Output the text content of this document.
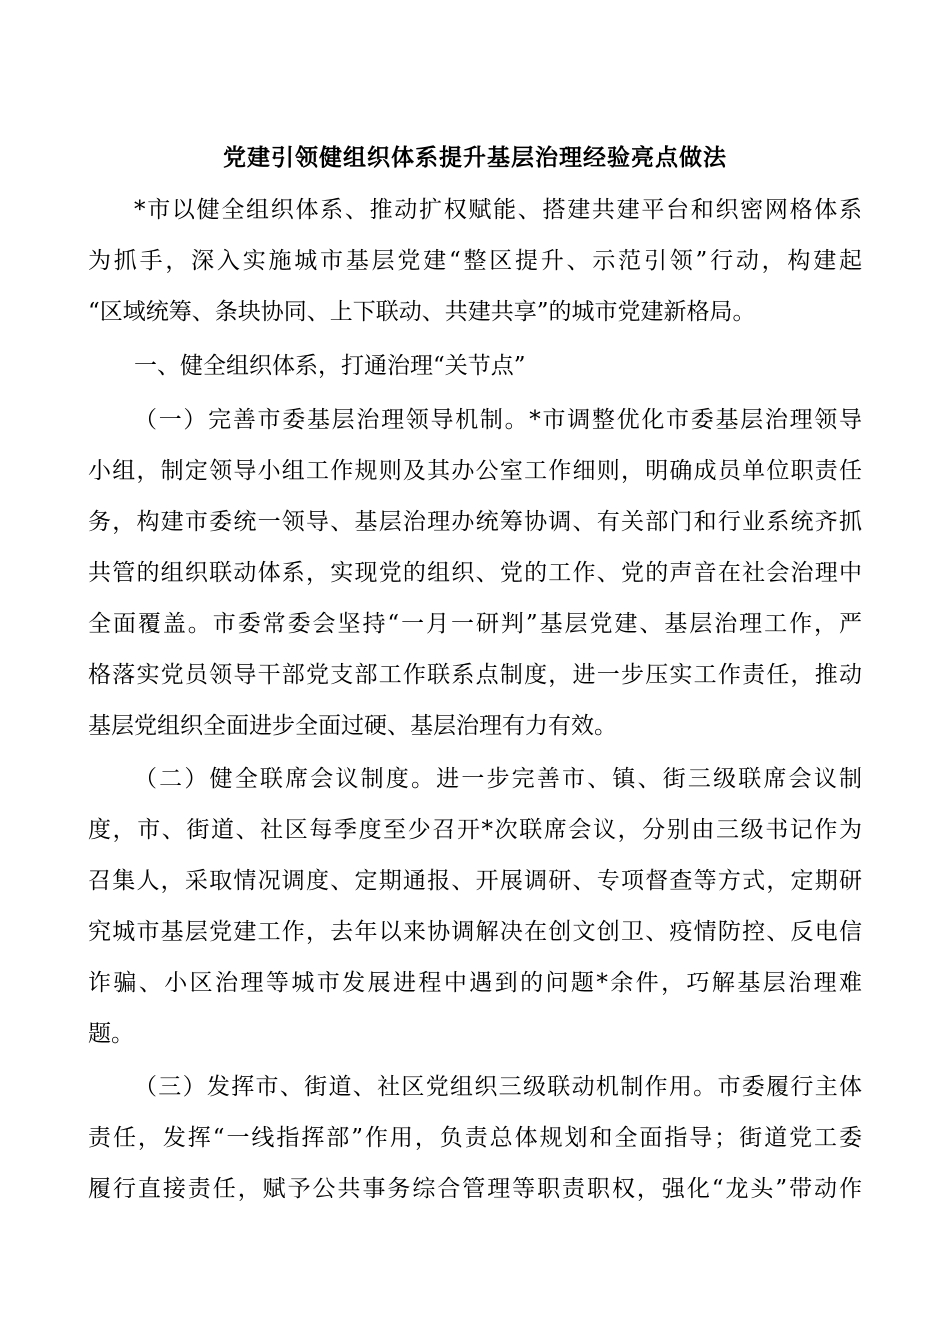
党建引领健组织体系提升基层治理经验亮点做法
*市以健全组织体系、推动扩权赋能、搭建共建平台和织密网格体系
为抓手，深入实施城市基层党建“整区提升、示范引领”行动，构建起
“区域统筹、条块协同、上下联动、共建共享”的城市党建新格局。
一、健全组织体系，打通治理“关节点”
（一）完善市委基层治理领导机制。*市调整优化市委基层治理领导
小组，制定领导小组工作规则及其办公室工作细则，明确成员单位职责任
务，构建市委统一领导、基层治理办统筹协调、有关部门和行业系统齐抓
共管的组织联动体系，实现党的组织、党的工作、党的声音在社会治理中
全面覆盖。市委常委会坚持“一月一研判”基层党建、基层治理工作，严
格落实党员领导干部党支部工作联系点制度，进一步压实工作责任，推动
基层党组织全面进步全面过硬、基层治理有力有效。
（二）健全联席会议制度。进一步完善市、镇、街三级联席会议制
度，市、街道、社区每季度至少召开*次联席会议，分别由三级书记作为
召集人，采取情况调度、定期通报、开展调研、专项督查等方式，定期研
究城市基层党建工作，去年以来协调解决在创文创卫、疫情防控、反电信
诈骗、小区治理等城市发展进程中遇到的问题*余件，巧解基层治理难
题。
（三）发挥市、街道、社区党组织三级联动机制作用。市委履行主体
责任，发挥“一线指挥部”作用，负责总体规划和全面指导；街道党工委
履行直接责任，赋予公共事务综合管理等职责职权，强化“龙头”带动作
